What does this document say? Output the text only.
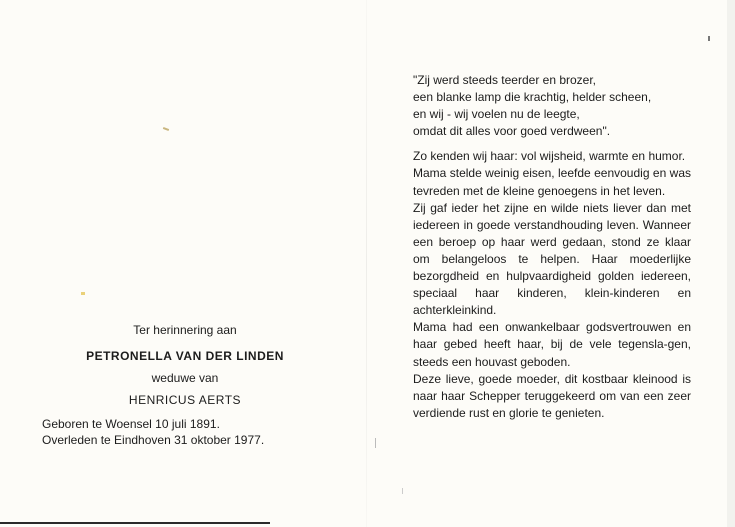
Ter herinnering aan
PETRONELLA VAN DER LINDEN
weduwe van
HENRICUS AERTS
Geboren te Woensel 10 juli 1891.
Overleden te Eindhoven 31 oktober 1977.
"Zij werd steeds teerder en brozer,
een blanke lamp die krachtig, helder scheen,
en wij - wij voelen nu de leegte,
omdat dit alles voor goed verdween".

Zo kenden wij haar: vol wijsheid, warmte en humor.

Mama stelde weinig eisen, leefde eenvoudig en was tevreden met de kleine genoegens in het leven.

Zij gaf ieder het zijne en wilde niets liever dan met iedereen in goede verstandhouding leven. Wanneer een beroep op haar werd gedaan, stond ze klaar om belangeloos te helpen. Haar moederlijke bezorgdheid en hulpvaardigheid golden iedereen, speciaal haar kinderen, klein-kinderen en achterkleinkind.

Mama had een onwankelbaar godsvertrouwen en haar gebed heeft haar, bij de vele tegensla-gen, steeds een houvast geboden.

Deze lieve, goede moeder, dit kostbaar kleinood is naar haar Schepper teruggekeerd om van een zeer verdiende rust en glorie te genieten.
